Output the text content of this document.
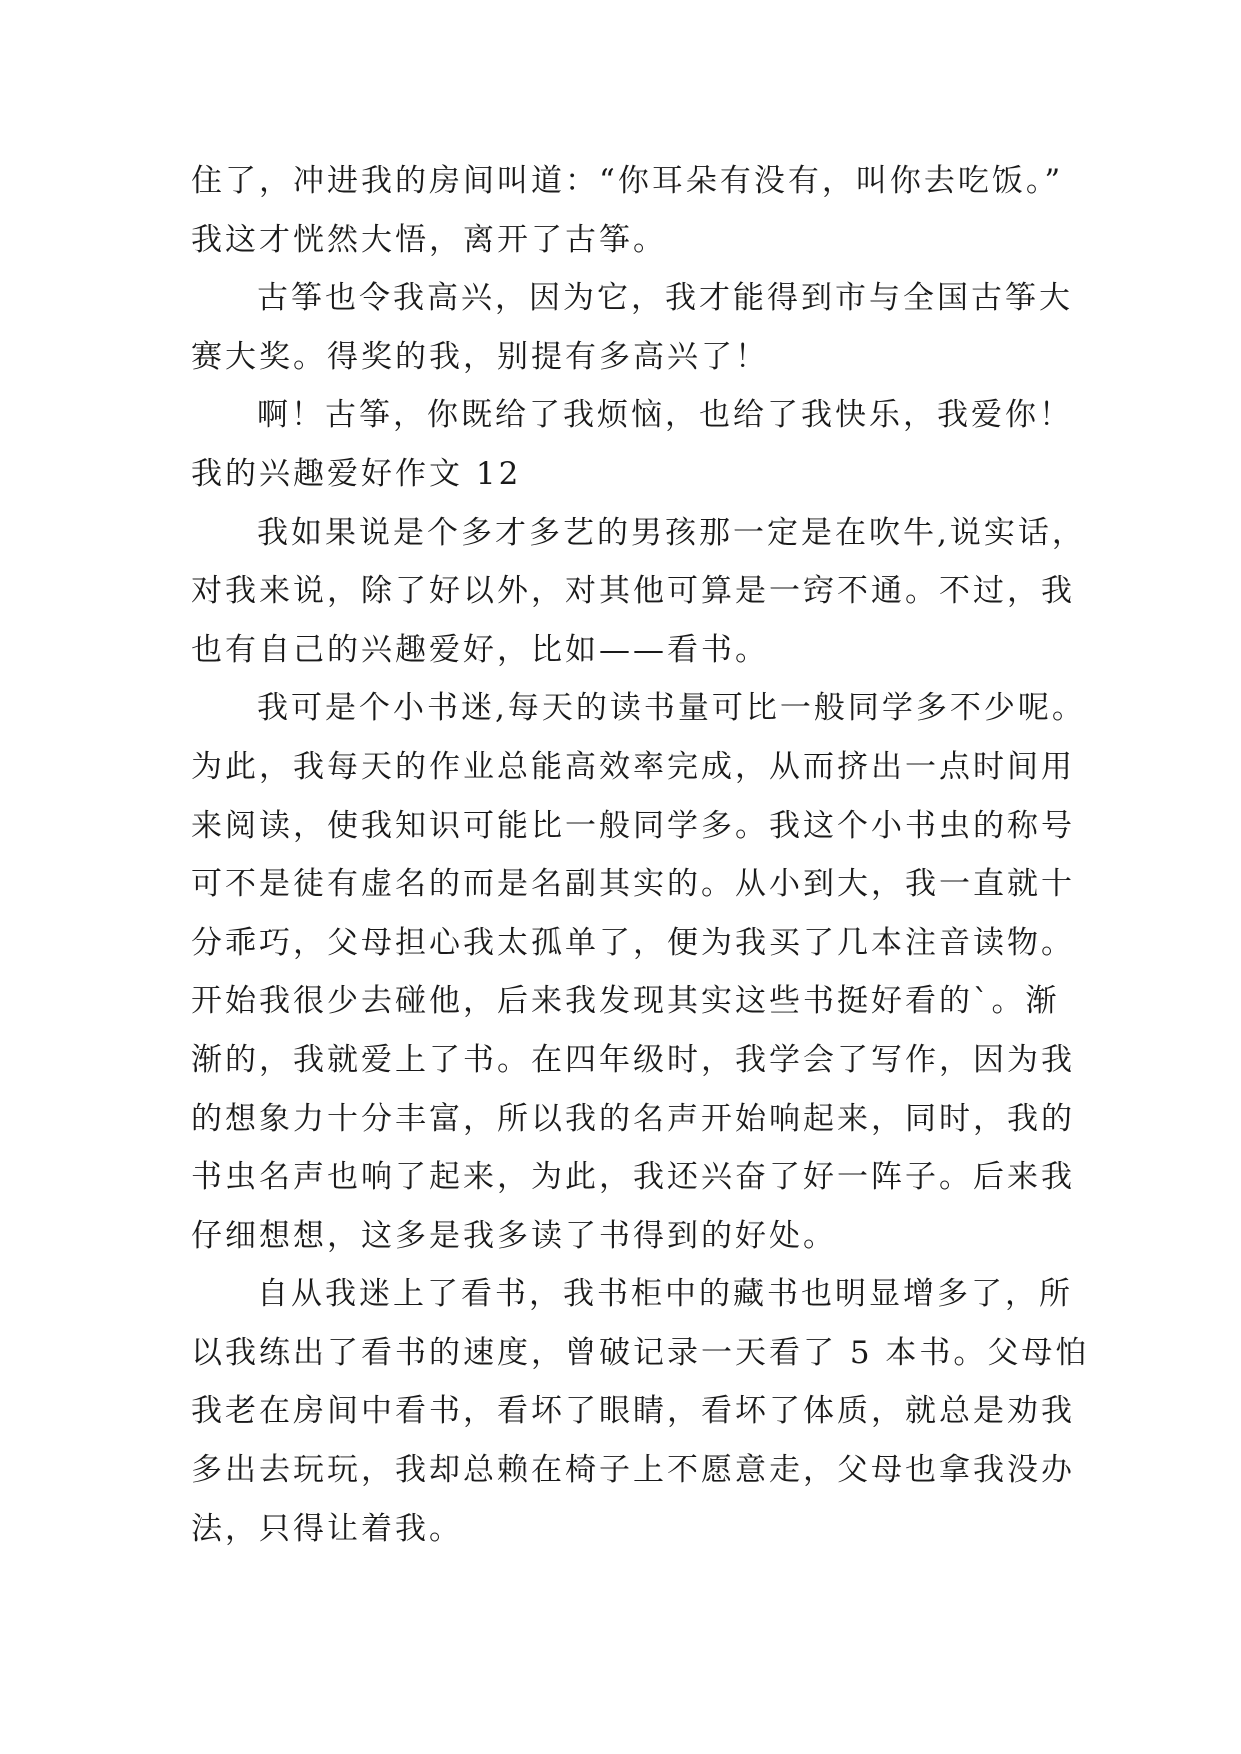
住了，冲进我的房间叫道：“你耳朵有没有，叫你去吃饭。”
我这才恍然大悟，离开了古筝。
古筝也令我高兴，因为它，我才能得到市与全国古筝大
赛大奖。得奖的我，别提有多高兴了！
啊！古筝，你既给了我烦恼，也给了我快乐，我爱你！
我的兴趣爱好作文 12
我如果说是个多才多艺的男孩那一定是在吹牛,说实话，
对我来说，除了好以外，对其他可算是一窍不通。不过，我
也有自己的兴趣爱好，比如——看书。
我可是个小书迷,每天的读书量可比一般同学多不少呢。
为此，我每天的作业总能高效率完成，从而挤出一点时间用
来阅读，使我知识可能比一般同学多。我这个小书虫的称号
可不是徒有虚名的而是名副其实的。从小到大，我一直就十
分乖巧，父母担心我太孤单了，便为我买了几本注音读物。
开始我很少去碰他，后来我发现其实这些书挺好看的`。渐
渐的，我就爱上了书。在四年级时，我学会了写作，因为我
的想象力十分丰富，所以我的名声开始响起来，同时，我的
书虫名声也响了起来，为此，我还兴奋了好一阵子。后来我
仔细想想，这多是我多读了书得到的好处。
自从我迷上了看书，我书柜中的藏书也明显增多了，所
以我练出了看书的速度，曾破记录一天看了 5 本书。父母怕
我老在房间中看书，看坏了眼睛，看坏了体质，就总是劝我
多出去玩玩，我却总赖在椅子上不愿意走，父母也拿我没办
法，只得让着我。
